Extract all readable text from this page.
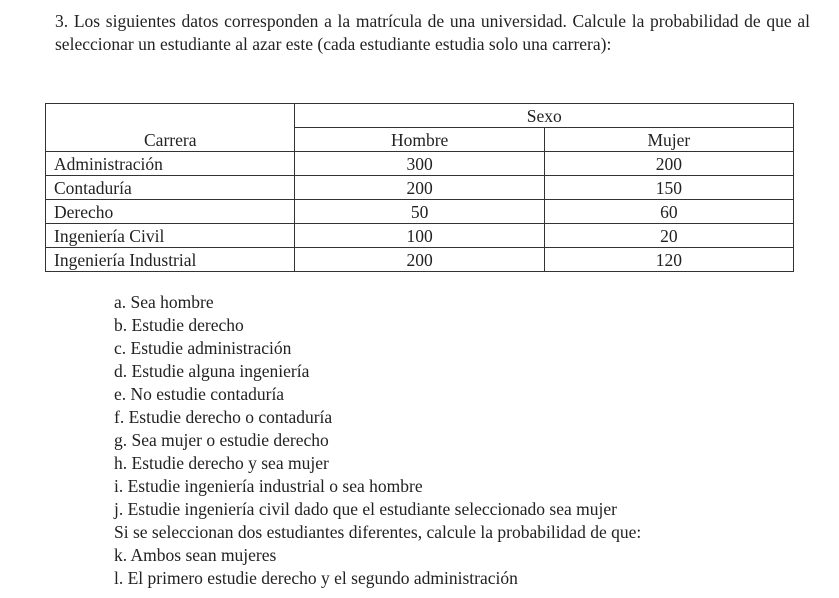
3. Los siguientes datos corresponden a la matrícula de una universidad. Calcule la probabilidad de que al seleccionar un estudiante al azar este (cada estudiante estudia solo una carrera):
Carrera	Sexo	
	Hombre	Mujer
Administración	300	200
Contaduría	200	150
Derecho	50	60
Ingeniería Civil	100	20
Ingeniería Industrial	200	120
a. Sea hombre
b. Estudie derecho
c. Estudie administración
d. Estudie alguna ingeniería
e. No estudie contaduría
f. Estudie derecho o contaduría
g. Sea mujer o estudie derecho
h. Estudie derecho y sea mujer
i. Estudie ingeniería industrial o sea hombre
j. Estudie ingeniería civil dado que el estudiante seleccionado sea mujer
Si se seleccionan dos estudiantes diferentes, calcule la probabilidad de que:
k. Ambos sean mujeres
l. El primero estudie derecho y el segundo administración
